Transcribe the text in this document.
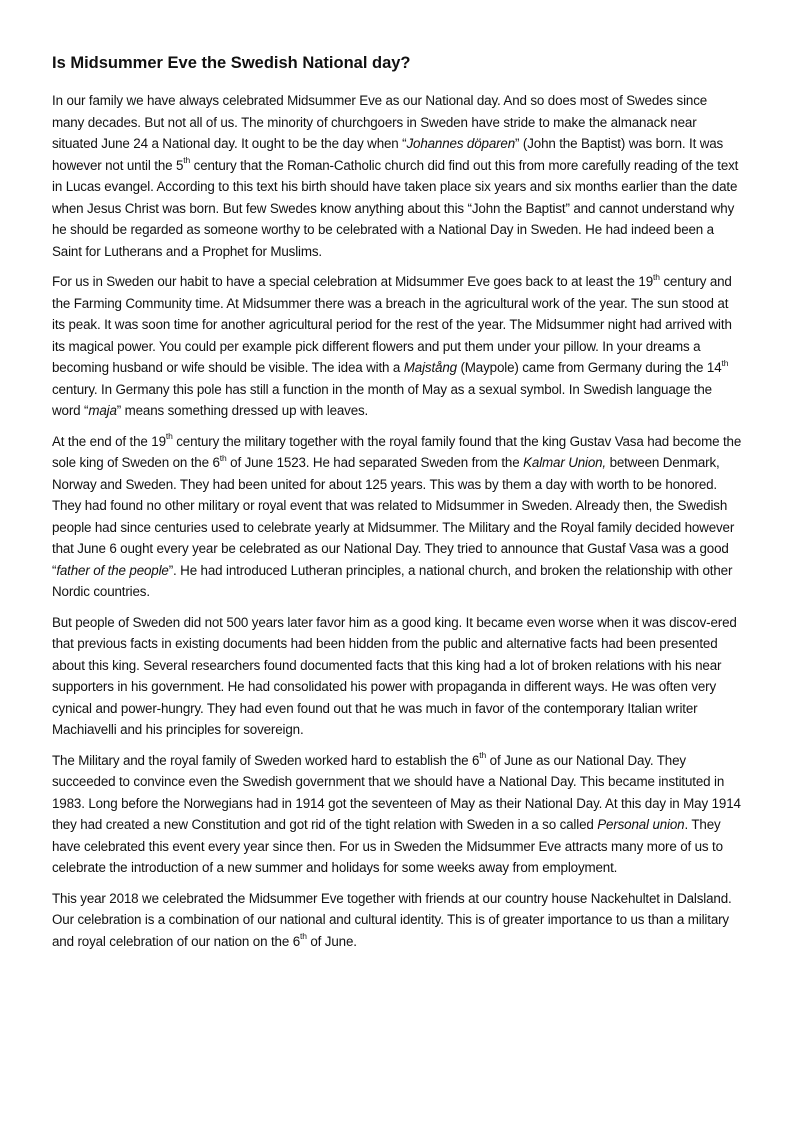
Is Midsummer Eve the Swedish National day?

In our family we have always celebrated Midsummer Eve as our National day. And so does most of Swedes since many decades. But not all of us. The minority of churchgoers in Sweden have stride to make the almanack near situated June 24 a National day. It ought to be the day when “Johannes döparen” (John the Baptist) was born. It was however not until the 5th century that the Roman-Catholic church did find out this from more carefully reading of the text in Lucas evangel. According to this text his birth should have taken place six years and six months earlier than the date when Jesus Christ was born. But few Swedes know anything about this “John the Baptist” and cannot understand why he should be regarded as someone worthy to be celebrated with a National Day in Sweden. He had indeed been a Saint for Lutherans and a Prophet for Muslims.

For us in Sweden our habit to have a special celebration at Midsummer Eve goes back to at least the 19th century and the Farming Community time. At Midsummer there was a breach in the agricultural work of the year. The sun stood at its peak. It was soon time for another agricultural period for the rest of the year. The Midsummer night had arrived with its magical power. You could per example pick different flowers and put them under your pillow. In your dreams a becoming husband or wife should be visible. The idea with a Majstång (Maypole) came from Germany during the 14th century. In Germany this pole has still a function in the month of May as a sexual symbol. In Swedish language the word “maja” means something dressed up with leaves.

At the end of the 19th century the military together with the royal family found that the king Gustav Vasa had become the sole king of Sweden on the 6th of June 1523. He had separated Sweden from the Kalmar Union, between Denmark, Norway and Sweden. They had been united for about 125 years. This was by them a day with worth to be honored. They had found no other military or royal event that was related to Midsummer in Sweden. Already then, the Swedish people had since centuries used to celebrate yearly at Midsummer. The Military and the Royal family decided however that June 6 ought every year be celebrated as our National Day. They tried to announce that Gustaf Vasa was a good “father of the people”. He had introduced Lutheran principles, a national church, and broken the relationship with other Nordic countries.

But people of Sweden did not 500 years later favor him as a good king. It became even worse when it was discov-ered that previous facts in existing documents had been hidden from the public and alternative facts had been presented about this king. Several researchers found documented facts that this king had a lot of broken relations with his near supporters in his government. He had consolidated his power with propaganda in different ways. He was often very cynical and power-hungry. They had even found out that he was much in favor of the contemporary Italian writer Machiavelli and his principles for sovereign.

The Military and the royal family of Sweden worked hard to establish the 6th of June as our National Day. They succeeded to convince even the Swedish government that we should have a National Day. This became instituted in 1983. Long before the Norwegians had in 1914 got the seventeen of May as their National Day. At this day in May 1914 they had created a new Constitution and got rid of the tight relation with Sweden in a so called Personal union. They have celebrated this event every year since then. For us in Sweden the Midsummer Eve attracts many more of us to celebrate the introduction of a new summer and holidays for some weeks away from employment.

This year 2018 we celebrated the Midsummer Eve together with friends at our country house Nackehultet in Dalsland. Our celebration is a combination of our national and cultural identity. This is of greater importance to us than a military and royal celebration of our nation on the 6th of June.
